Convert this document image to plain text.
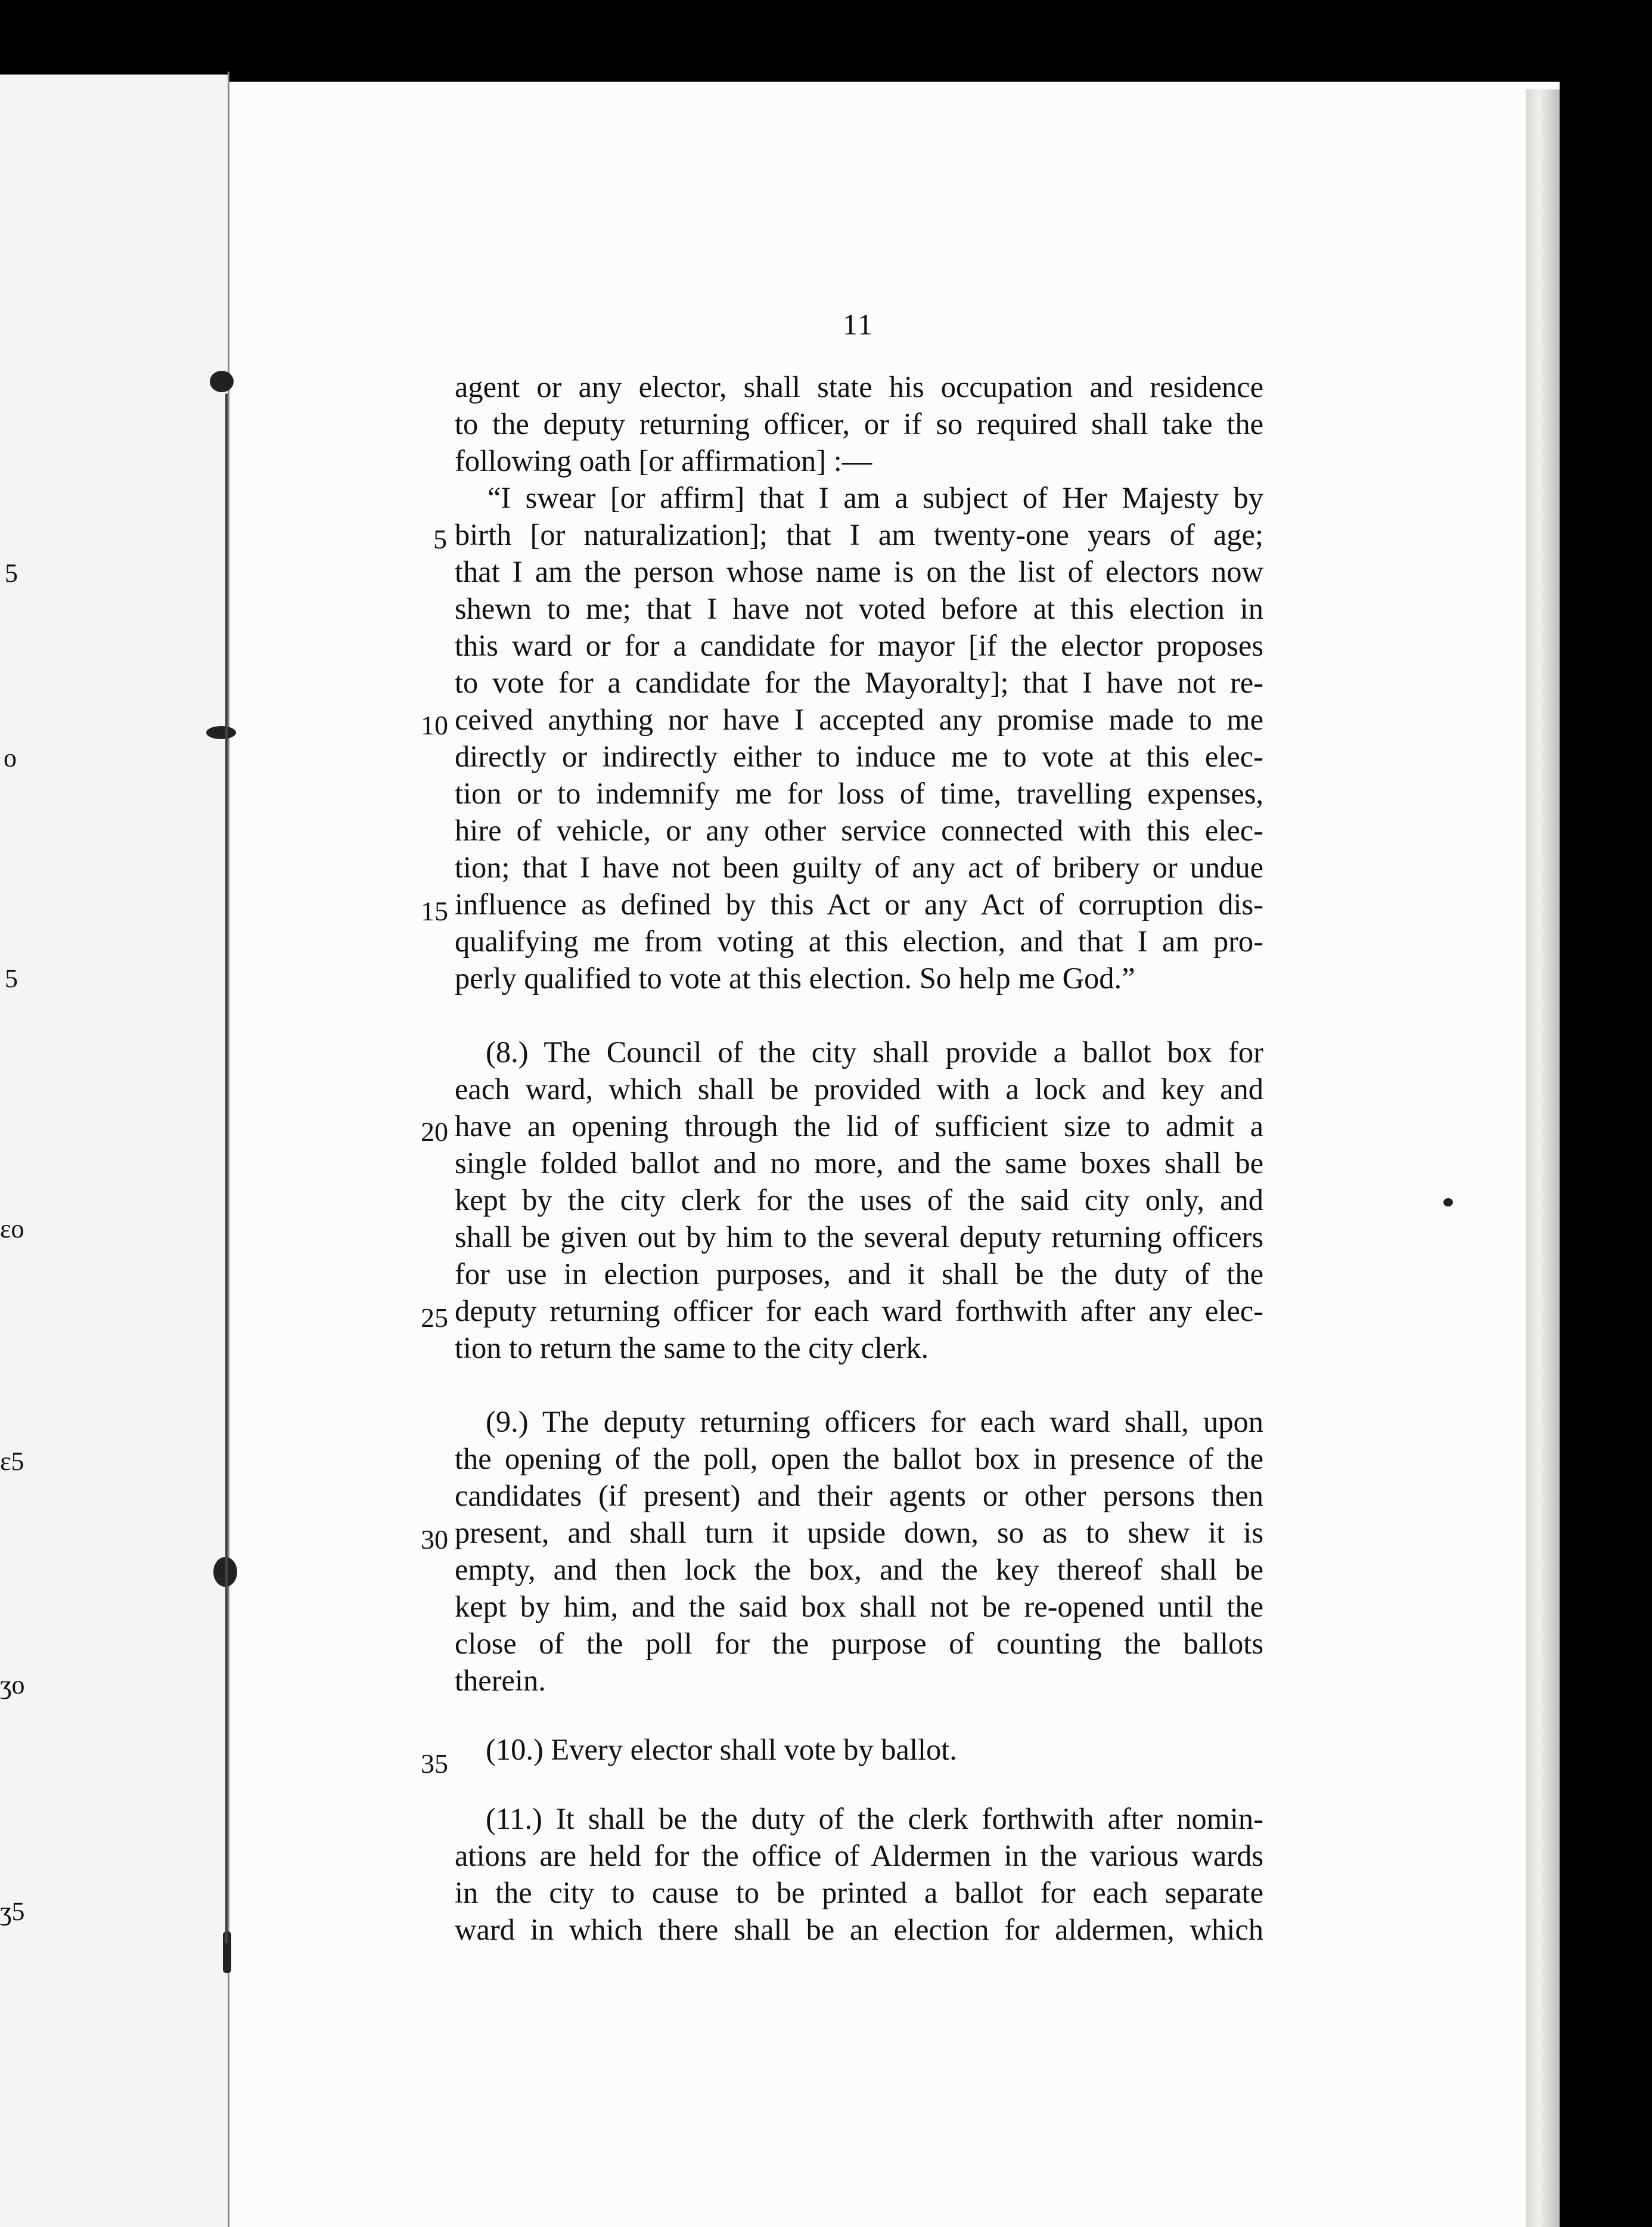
5
o
5
ɛo
ɛ5
ʒo
ʒ5
11
5
10
15
20
25
30
35
agent or any elector, shall state his occupation and residence
to the deputy returning officer, or if so required shall take the
following oath [or affirmation] :—
“I swear [or affirm] that I am a subject of Her Majesty by
birth [or naturalization]; that I am twenty-one years of age;
that I am the person whose name is on the list of electors now
shewn to me; that I have not voted before at this election in
this ward or for a candidate for mayor [if the elector proposes
to vote for a candidate for the Mayoralty]; that I have not re-
ceived anything nor have I accepted any promise made to me
directly or indirectly either to induce me to vote at this elec-
tion or to indemnify me for loss of time, travelling expenses,
hire of vehicle, or any other service connected with this elec-
tion; that I have not been guilty of any act of bribery or undue
influence as defined by this Act or any Act of corruption dis-
qualifying me from voting at this election, and that I am pro-
perly qualified to vote at this election. So help me God.”
(8.) The Council of the city shall provide a ballot box for
each ward, which shall be provided with a lock and key and
have an opening through the lid of sufficient size to admit a
single folded ballot and no more, and the same boxes shall be
kept by the city clerk for the uses of the said city only, and
shall be given out by him to the several deputy returning officers
for use in election purposes, and it shall be the duty of the
deputy returning officer for each ward forthwith after any elec-
tion to return the same to the city clerk.
(9.) The deputy returning officers for each ward shall, upon
the opening of the poll, open the ballot box in presence of the
candidates (if present) and their agents or other persons then
present, and shall turn it upside down, so as to shew it is
empty, and then lock the box, and the key thereof shall be
kept by him, and the said box shall not be re-opened until the
close of the poll for the purpose of counting the ballots
therein.
(10.) Every elector shall vote by ballot.
(11.) It shall be the duty of the clerk forthwith after nomin-
ations are held for the office of Aldermen in the various wards
in the city to cause to be printed a ballot for each separate
ward in which there shall be an election for aldermen, which
